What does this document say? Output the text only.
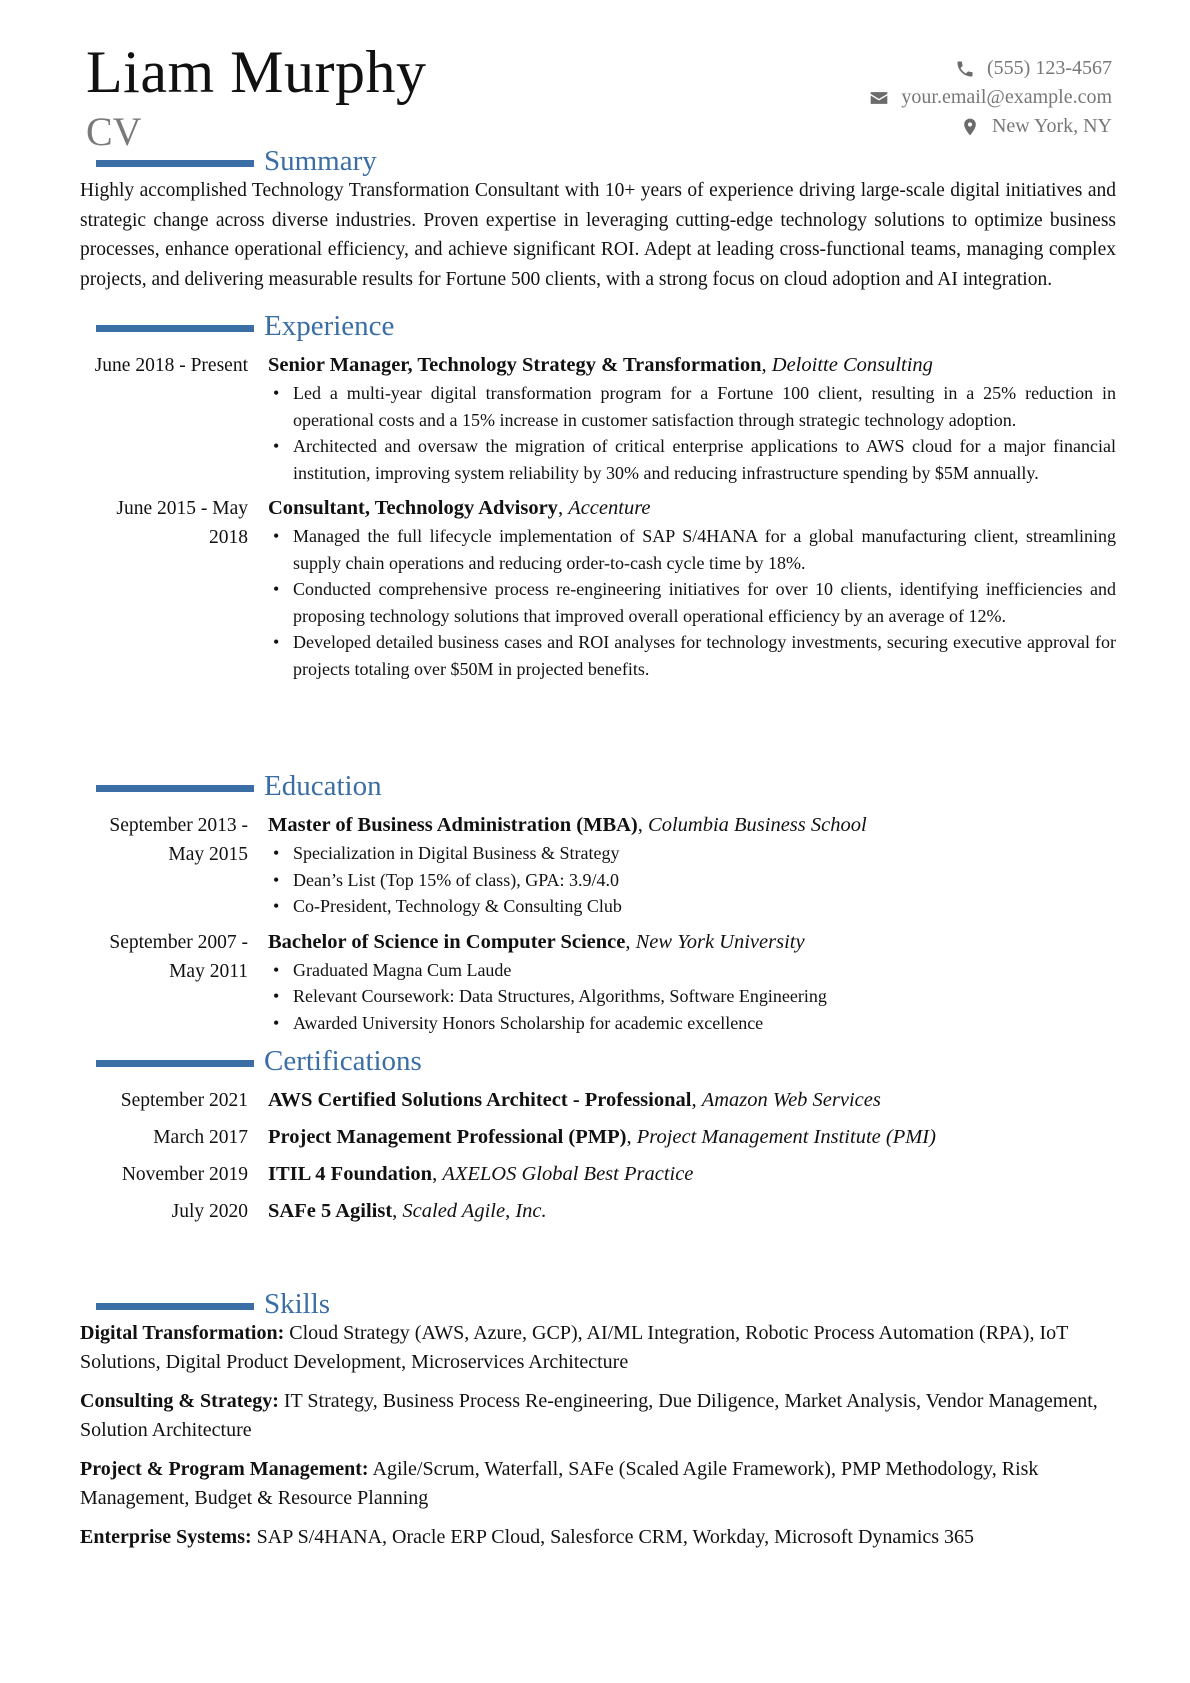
Liam Murphy
CV
(555) 123-4567
your.email@example.com
New York, NY
Summary
Highly accomplished Technology Transformation Consultant with 10+ years of experience driving large-scale digital initiatives and strategic change across diverse industries. Proven expertise in leveraging cutting-edge technology solutions to optimize business processes, enhance operational efficiency, and achieve significant ROI. Adept at leading cross-functional teams, managing complex projects, and delivering measurable results for Fortune 500 clients, with a strong focus on cloud adoption and AI integration.
Experience
June 2018 - Present Senior Manager, Technology Strategy & Transformation, Deloitte Consulting
• Led a multi-year digital transformation program for a Fortune 100 client, resulting in a 25% reduction in operational costs and a 15% increase in customer satisfaction through strategic technology adoption.
• Architected and oversaw the migration of critical enterprise applications to AWS cloud for a major financial institution, improving system reliability by 30% and reducing infrastructure spending by $5M annually.
June 2015 - May 2018
Consultant, Technology Advisory, Accenture
• Managed the full lifecycle implementation of SAP S/4HANA for a global manufacturing client, streamlining supply chain operations and reducing order-to-cash cycle time by 18%.
• Conducted comprehensive process re-engineering initiatives for over 10 clients, identifying inefficiencies and proposing technology solutions that improved overall operational efficiency by an average of 12%.
• Developed detailed business cases and ROI analyses for technology investments, securing executive approval for projects totaling over $50M in projected benefits.
Education
September 2013 - May 2015
Master of Business Administration (MBA), Columbia Business School
• Specialization in Digital Business & Strategy
• Dean’s List (Top 15% of class), GPA: 3.9/4.0
• Co-President, Technology & Consulting Club
September 2007 - May 2011
Bachelor of Science in Computer Science, New York University
• Graduated Magna Cum Laude
• Relevant Coursework: Data Structures, Algorithms, Software Engineering
• Awarded University Honors Scholarship for academic excellence
Certifications
September 2021 AWS Certified Solutions Architect - Professional, Amazon Web Services
March 2017 Project Management Professional (PMP), Project Management Institute (PMI)
November 2019 ITIL 4 Foundation, AXELOS Global Best Practice
July 2020 SAFe 5 Agilist, Scaled Agile, Inc.
Skills
Digital Transformation: Cloud Strategy (AWS, Azure, GCP), AI/ML Integration, Robotic Process Automation (RPA), IoT Solutions, Digital Product Development, Microservices Architecture
Consulting & Strategy: IT Strategy, Business Process Re-engineering, Due Diligence, Market Analysis, Vendor Management, Solution Architecture
Project & Program Management: Agile/Scrum, Waterfall, SAFe (Scaled Agile Framework), PMP Methodology, Risk Management, Budget & Resource Planning
Enterprise Systems: SAP S/4HANA, Oracle ERP Cloud, Salesforce CRM, Workday, Microsoft Dynamics 365
